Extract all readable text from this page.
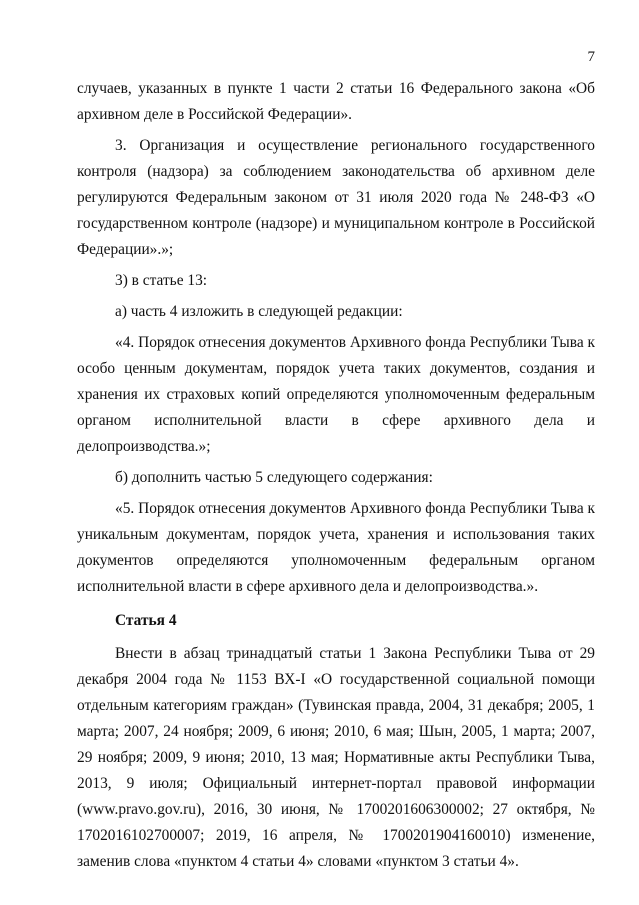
7

случаев, указанных в пункте 1 части 2 статьи 16 Федерального закона «Об архивном деле в Российской Федерации».

3. Организация и осуществление регионального государственного контроля (надзора) за соблюдением законодательства об архивном деле регулируются Федеральным законом от 31 июля 2020 года № 248-ФЗ «О государственном контроле (надзоре) и муниципальном контроле в Российской Федерации».»;

3) в статье 13:

а) часть 4 изложить в следующей редакции:

«4. Порядок отнесения документов Архивного фонда Республики Тыва к особо ценным документам, порядок учета таких документов, создания и хранения их страховых копий определяются уполномоченным федеральным органом исполнительной власти в сфере архивного дела и делопроизводства.»;

б) дополнить частью 5 следующего содержания:

«5. Порядок отнесения документов Архивного фонда Республики Тыва к уникальным документам, порядок учета, хранения и использования таких документов определяются уполномоченным федеральным органом исполнительной власти в сфере архивного дела и делопроизводства.».

Статья 4

Внести в абзац тринадцатый статьи 1 Закона Республики Тыва от 29 декабря 2004 года № 1153 ВХ-I «О государственной социальной помощи отдельным категориям граждан» (Тувинская правда, 2004, 31 декабря; 2005, 1 марта; 2007, 24 ноября; 2009, 6 июня; 2010, 6 мая; Шын, 2005, 1 марта; 2007, 29 ноября; 2009, 9 июня; 2010, 13 мая; Нормативные акты Республики Тыва, 2013, 9 июля; Официальный интернет-портал правовой информации (www.pravo.gov.ru), 2016, 30 июня, № 1700201606300002; 27 октября, № 1702016102700007; 2019, 16 апреля, № 1700201904160010) изменение, заменив слова «пунктом 4 статьи 4» словами «пунктом 3 статьи 4».
